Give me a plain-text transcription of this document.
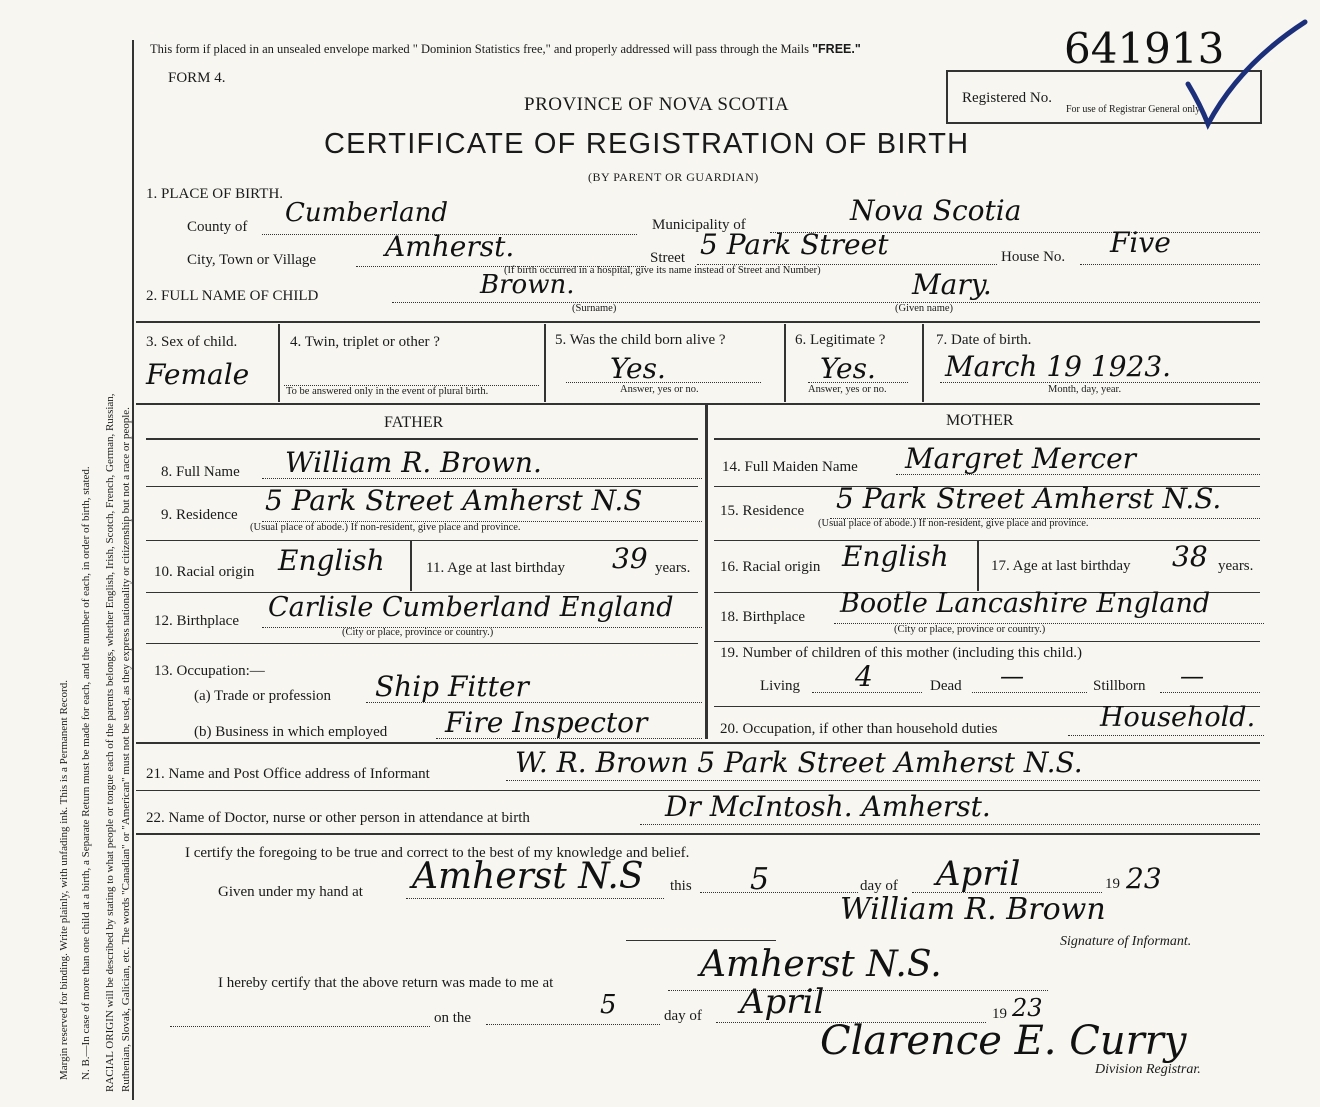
Margin reserved for binding. Write plainly, with unfading ink. This is a Permanent Record. N. B.—In case of more than one child at a birth, a Separate Return must be made for each, and the number of each, in order of birth, stated. RACIAL ORIGIN will be described by stating to what people or tongue each of the parents belongs, whether English, Irish, Scotch, French, German, Russian, Ruthenian, Slovak, Galician, etc. The words "Canadian" or "American" must not be used, as they express nationality or citizenship but not a race or people.
This form if placed in an unsealed envelope marked " Dominion Statistics free," and properly addressed will pass through the Mails "FREE."
FORM 4.
PROVINCE OF NOVA SCOTIA
CERTIFICATE OF REGISTRATION OF BIRTH
(BY PARENT OR GUARDIAN)
Registered No.
For use of Registrar General only.
641913
1. PLACE OF BIRTH.
County of Cumberland	Municipality of	Nova Scotia
City, Town or Village Amherst.	Street 5 Park Street
(If birth occurred in a hospital, give its name instead of Street and Number)
House No. Five
2. FULL NAME OF CHILD	Brown.
(Surname)
Mary.
(Given name)
3. Sex of child.
Female
4. Twin, triplet or other ?
To be answered only in the event of plural birth.
5. Was the child born alive ?
Yes.
Answer, yes or no.
6. Legitimate ?
Yes.
Answer, yes or no.
7. Date of birth.
March 19 1923.
Month, day, year.
FATHER
8. Full Name William R. Brown.
9. Residence 5 Park Street Amherst N.S
(Usual place of abode.) If non-resident, give place and province.
10. Racial origin English	11. Age at last birthday 39 years.
12. Birthplace Carlisle Cumberland England
(City or place, province or country.)
13. Occupation:—
(a) Trade or profession Ship Fitter
(b) Business in which employed Fire Inspector
MOTHER
14. Full Maiden Name Margret Mercer
15. Residence 5 Park Street Amherst N.S.
(Usual place of abode.) If non-resident, give place and province.
16. Racial origin English	17. Age at last birthday 38 years.
18. Birthplace Bootle Lancashire England
(City or place, province or country.)
19. Number of children of this mother (including this child.)
Living 4	Dead —	Stillborn —
20. Occupation, if other than household duties	Household.
21. Name and Post Office address of Informant	W. R. Brown 5 Park Street Amherst N.S.
22. Name of Doctor, nurse or other person in attendance at birth	Dr McIntosh. Amherst.
I certify the foregoing to be true and correct to the best of my knowledge and belief.
Given under my hand at Amherst N.S this 5	day of April	19 23
William R. Brown
Signature of Informant.
I hereby certify that the above return was made to me at	Amherst N.S.
on the	5	day of April	19 23
Clarence E. Curry
Division Registrar.
